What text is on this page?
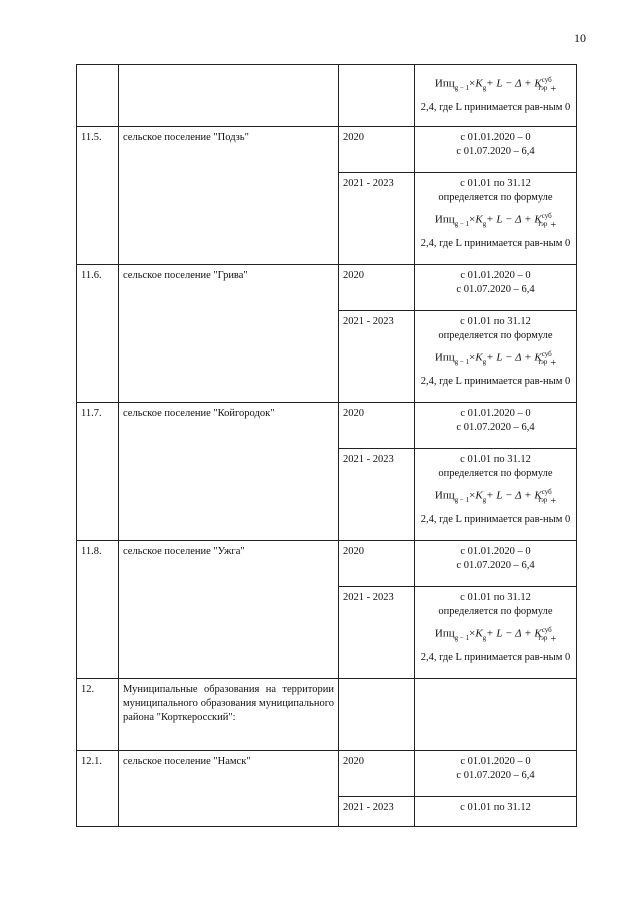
10

			$Ипц_{g - 1}\times K_g+ L - \Delta + K^{суб}_{тэр}$ +
2,4, где L принимается рав-ным 0

11.5.	сельское поселение "Подзь"	2020	с 01.01.2020 – 0
с 01.07.2020 – 6,4

		2021 - 2023	с 01.01 по 31.12
определяется по формуле
$Ипц_{g - 1}\times K_g+ L - \Delta + K^{суб}_{тэр}$ +
2,4, где L принимается рав-ным 0

11.6.	сельское поселение "Грива"	2020	с 01.01.2020 – 0
с 01.07.2020 – 6,4

		2021 - 2023	с 01.01 по 31.12
определяется по формуле
$Ипц_{g - 1}\times K_g+ L - \Delta + K^{суб}_{тэр}$ +
2,4, где L принимается рав-ным 0

11.7.	сельское поселение "Койгородок"	2020	с 01.01.2020 – 0
с 01.07.2020 – 6,4

		2021 - 2023	с 01.01 по 31.12
определяется по формуле
$Ипц_{g - 1}\times K_g+ L - \Delta + K^{суб}_{тэр}$ +
2,4, где L принимается рав-ным 0

11.8.	сельское поселение "Ужга"	2020	с 01.01.2020 – 0
с 01.07.2020 – 6,4

		2021 - 2023	с 01.01 по 31.12
определяется по формуле
$Ипц_{g - 1}\times K_g+ L - \Delta + K^{суб}_{тэр}$ +
2,4, где L принимается рав-ным 0

12.	Муниципальные образования на территории муниципального образования муниципального района "Корткеросский":		
12.1.	сельское поселение "Намск"	2020	с 01.01.2020 – 0
с 01.07.2020 – 6,4

		2021 - 2023	с 01.01 по 31.12
